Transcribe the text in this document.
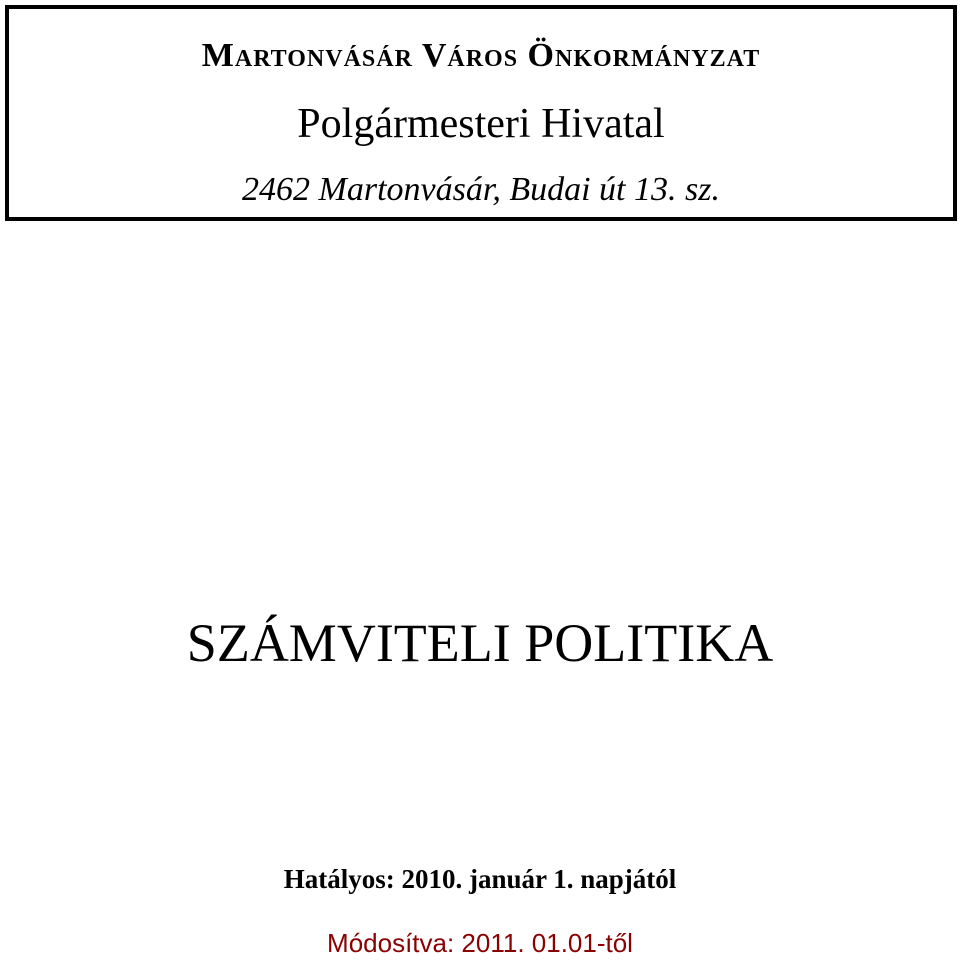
Martonvásár Város Önkormányzat
Polgármesteri Hivatal
2462 Martonvásár, Budai út 13. sz.
SZÁMVITELI POLITIKA
Hatályos: 2010. január 1. napjától
Módosítva: 2011. 01.01-től
